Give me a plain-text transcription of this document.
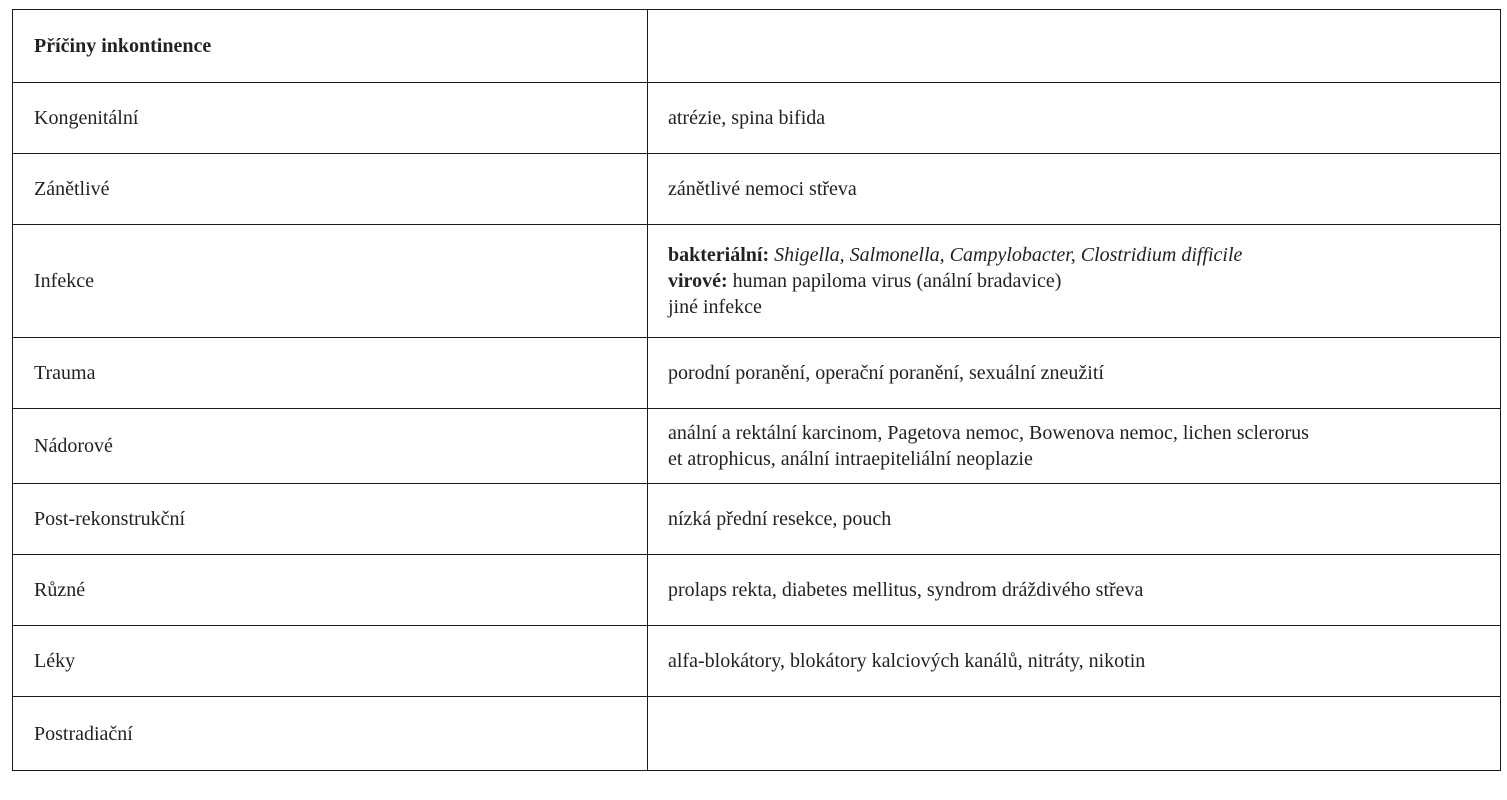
Příčiny inkontinence	
Kongenitální	atrézie, spina bifida
Zánětlivé	zánětlivé nemoci střeva
Infekce	bakteriální: Shigella, Salmonella, Campylobacter, Clostridium difficile
virové: human papiloma virus (anální bradavice)
jiné infekce

Trauma	porodní poranění, operační poranění, sexuální zneužití
Nádorové	anální a rektální karcinom, Pagetova nemoc, Bowenova nemoc, lichen sclerorus
et atrophicus, anální intraepiteliální neoplazie

Post-rekonstrukční	nízká přední resekce, pouch
Různé	prolaps rekta, diabetes mellitus, syndrom dráždivého střeva
Léky	alfa-blokátory, blokátory kalciových kanálů, nitráty, nikotin
Postradiační	
